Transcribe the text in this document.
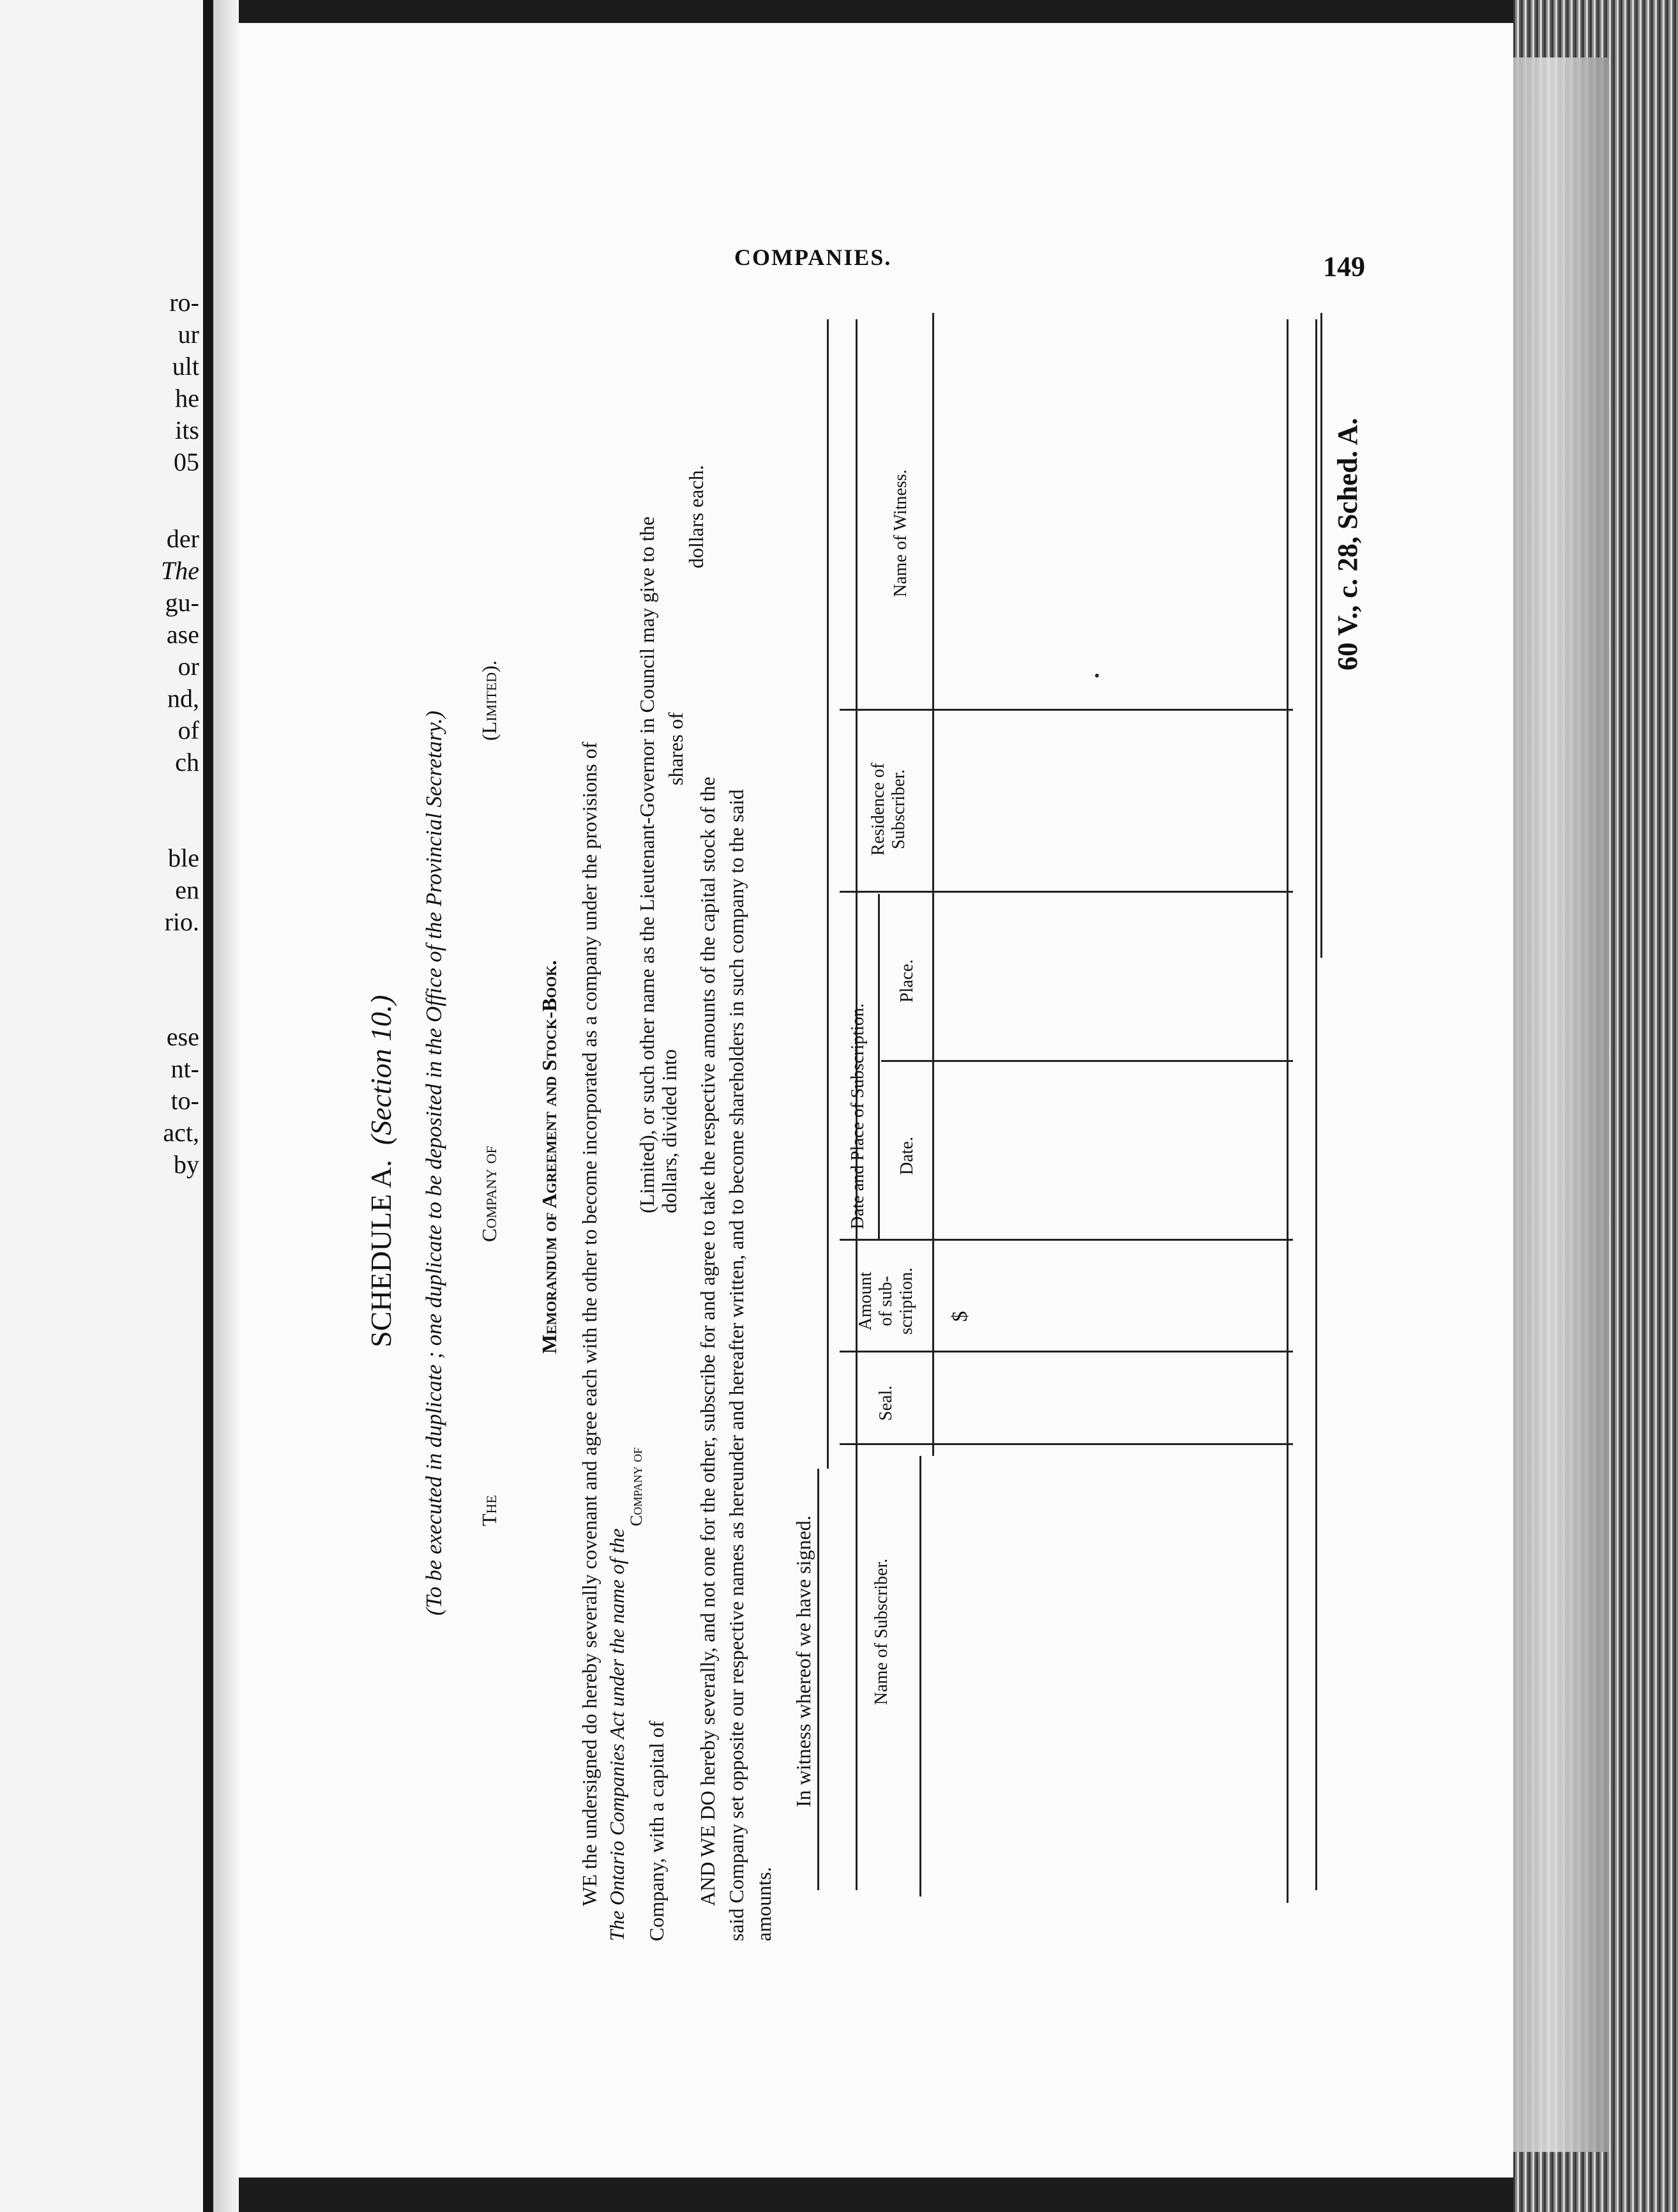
ro-
ur
ult
he
its
05
der
The
gu-
ase
or
nd,
of
ch
ble
en
rio.
ese
nt-
to-
act,
by
COMPANIES.	149
SCHEDULE A.  (Section 10.) (To be executed in duplicate ; one duplicate to be deposited in the Office of the Provincial Secretary.) The
Company of
(Limited).
Memorandum of Agreement and Stock-Book. WE the undersigned do hereby severally covenant and agree each with the other to become incorporated as a company under the provisions of The Ontario Companies Act under the name of the
Company of
(Limited), or such other name as the Lieutenant-Governor in Council may give to the
Company, with a capital of
dollars, divided into
shares of
dollars each.
AND WE DO hereby severally, and not one for the other, subscribe for and agree to take the respective amounts of the capital stock of the said Company set opposite our respective names as hereunder and hereafter written, and to become shareholders in such company to the said amounts.
In witness whereof we have signed.	Name of Subscriber.
Seal.
Amount of sub- scription.
Date and Place of Subscription. Date.
Place.
Residence of Subscriber.
Name of Witness.
$
60 V., c. 28, Sched. A.
